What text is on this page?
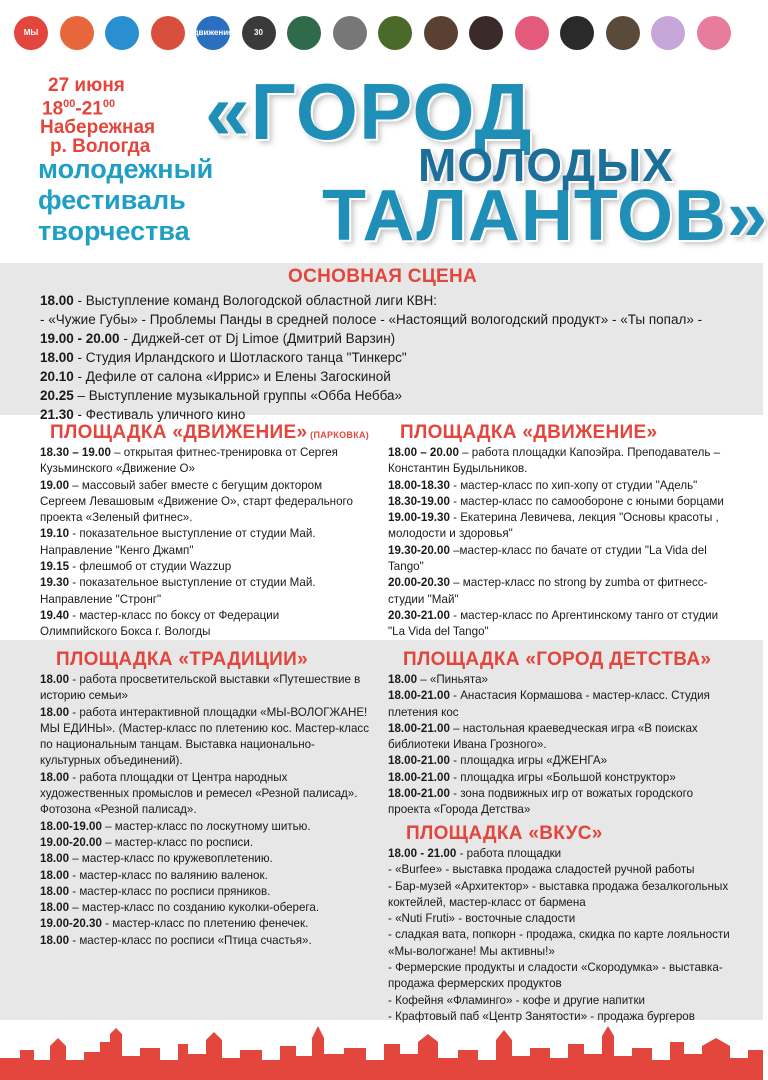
МЫ	движение	30
27 июня
$18^{00}-21^{00}$
Набережная
р. Вологда
молодежный
фестиваль
творчества
«ГОРОД
МОЛОДЫХ
ТАЛАНТОВ»
ОСНОВНАЯ СЦЕНА
18.00 - Выступление команд Вологодской областной лиги КВН:
- «Чужие Губы» - Проблемы Панды в средней полосе - «Настоящий вологодский продукт» - «Ты попал» -
19.00 - 20.00 - Диджей-сет от Dj Limoe (Дмитрий Варзин)
18.00 - Студия Ирландского и Шотлаского танца "Тинкерс"
20.10 - Дефиле от салона «Иррис» и Елены Загоскиной
20.25 – Выступление музыкальной группы «Обба Небба»
21.30 - Фестиваль уличного кино
ПЛОЩАДКА «ДВИЖЕНИЕ» (ПАРКОВКА)
18.30 – 19.00 – открытая фитнес-тренировка от Сергея Кузьминского «Движение О»
19.00 – массовый забег вместе с бегущим доктором Сергеем Левашовым «Движение О», старт федерального проекта «Зеленый фитнес».
19.10 - показательное выступление от студии Май. Направление "Кенго Джамп"
19.15 - флешмоб от студии Wazzup
19.30 - показательное выступление от студии Май. Направление "Стронг"
19.40 - мастер-класс по боксу от Федерации Олимпийского Бокса г. Вологды
ПЛОЩАДКА «ДВИЖЕНИЕ»
18.00 – 20.00 – работа площадки Капоэйра. Преподаватель – Константин Будыльников.
18.00-18.30 - мастер-класс по хип-хопу от студии "Адель"
18.30-19.00 - мастер-класс по самообороне с юными борцами
19.00-19.30 - Екатерина Левичева, лекция "Основы красоты , молодости и здоровья"
19.30-20.00 –мастер-класс по бачате от студии "La Vida del Tango"
20.00-20.30 – мастер-класс по strong by zumba от фитнесс-студии "Май"
20.30-21.00 - мастер-класс по Аргентинскому танго от студии "La Vida del Tango"
ПЛОЩАДКА «ТРАДИЦИИ»
18.00 - работа просветительской выставки «Путешествие в историю семьи»
18.00 - работа интерактивной площадки «МЫ-ВОЛОГЖАНЕ!МЫ ЕДИНЫ». (Мастер-класс по плетению кос. Мастер-класс по национальным танцам. Выставка национально-культурных объединений).
18.00 - работа площадки от Центра народных художественных промыслов и ремесел «Резной палисад». Фотозона «Резной палисад».
18.00-19.00 – мастер-класс по лоскутному шитью.
19.00-20.00 – мастер-класс по росписи.
18.00 – мастер-класс по кружевоплетению.
18.00 - мастер-класс по валянию валенок.
18.00 - мастер-класс по росписи пряников.
18.00 – мастер-класс по созданию куколки-оберега.
19.00-20.30 - мастер-класс по плетению фенечек.
18.00 - мастер-класс по росписи «Птица счастья».
ПЛОЩАДКА «ГОРОД ДЕТСТВА»
18.00 – «Пиньята»
18.00-21.00 - Анастасия Кормашова - мастер-класс. Студия плетения кос
18.00-21.00 – настольная краеведческая игра «В поисках библиотеки Ивана Грозного».
18.00-21.00 - площадка игры «ДЖЕНГА»
18.00-21.00 - площадка игры «Большой конструктор»
18.00-21.00 - зона подвижных игр от вожатых городского проекта «Города Детства»
ПЛОЩАДКА «ВКУС»
18.00 - 21.00 - работа площадки
- «Burfee» - выставка продажа сладостей ручной работы
- Бар-музей «Архитектор» - выставка продажа безалкогольных коктейлей, мастер-класс от бармена
- «Nuti Fruti» - восточные сладости
- сладкая вата, попкорн - продажа, скидка по карте лояльности «Мы-вологжане! Мы активны!»
- Фермерские продукты и сладости «Скородумка» - выставка-продажа фермерских продуктов
- Кофейня «Фламинго» - кофе и другие напитки
- Крафтовый паб «Центр Занятости» - продажа бургеров
